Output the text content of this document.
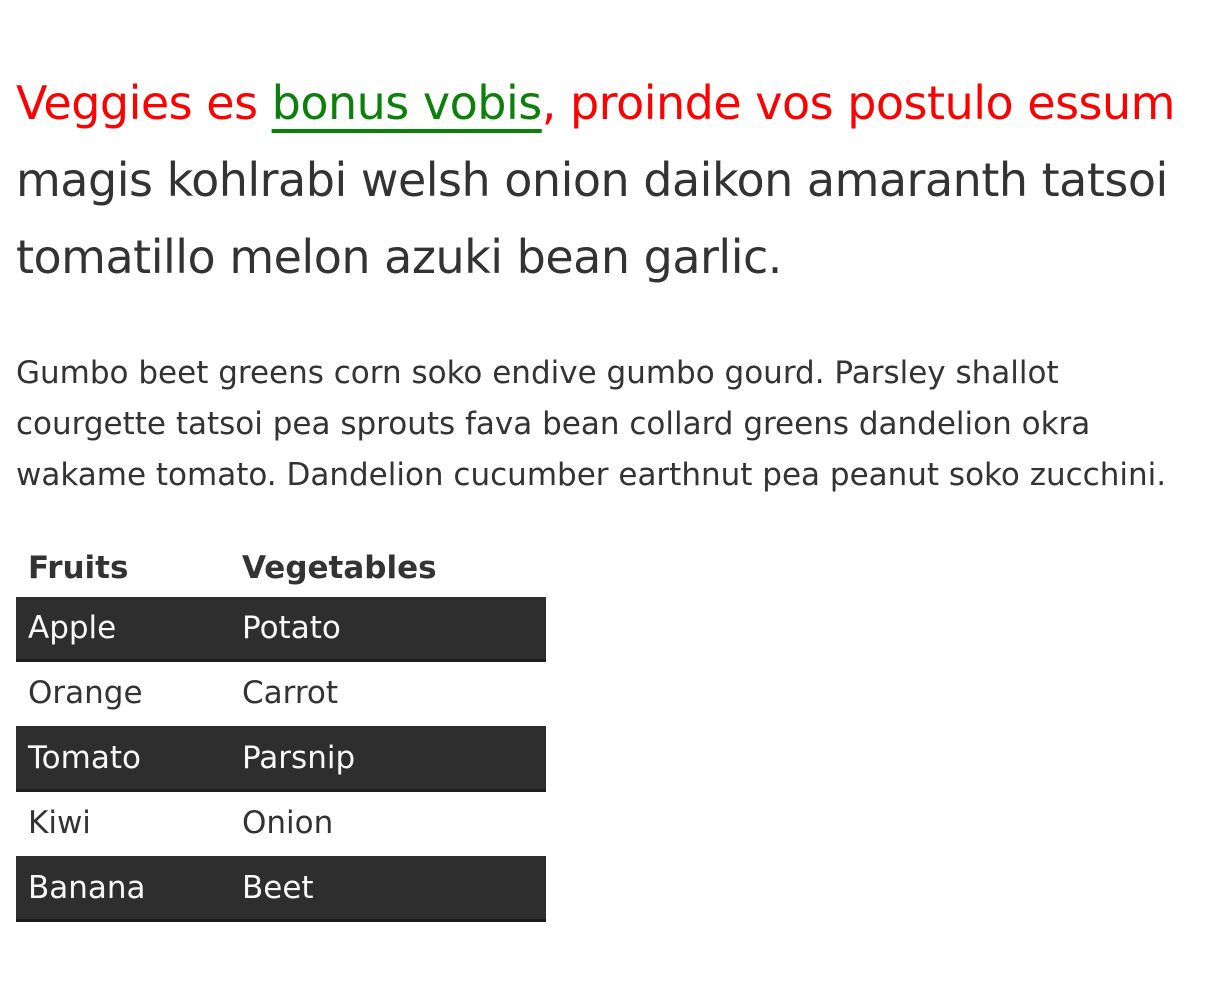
Veggies es bonus vobis, proinde vos postulo essum magis kohlrabi welsh onion daikon amaranth tatsoi tomatillo melon azuki bean garlic.

Gumbo beet greens corn soko endive gumbo gourd. Parsley shallot courgette tatsoi pea sprouts fava bean collard greens dandelion okra wakame tomato. Dandelion cucumber earthnut pea peanut soko zucchini.

Fruits	Vegetables
Apple	Potato
Orange	Carrot
Tomato	Parsnip
Kiwi	Onion
Banana	Beet
